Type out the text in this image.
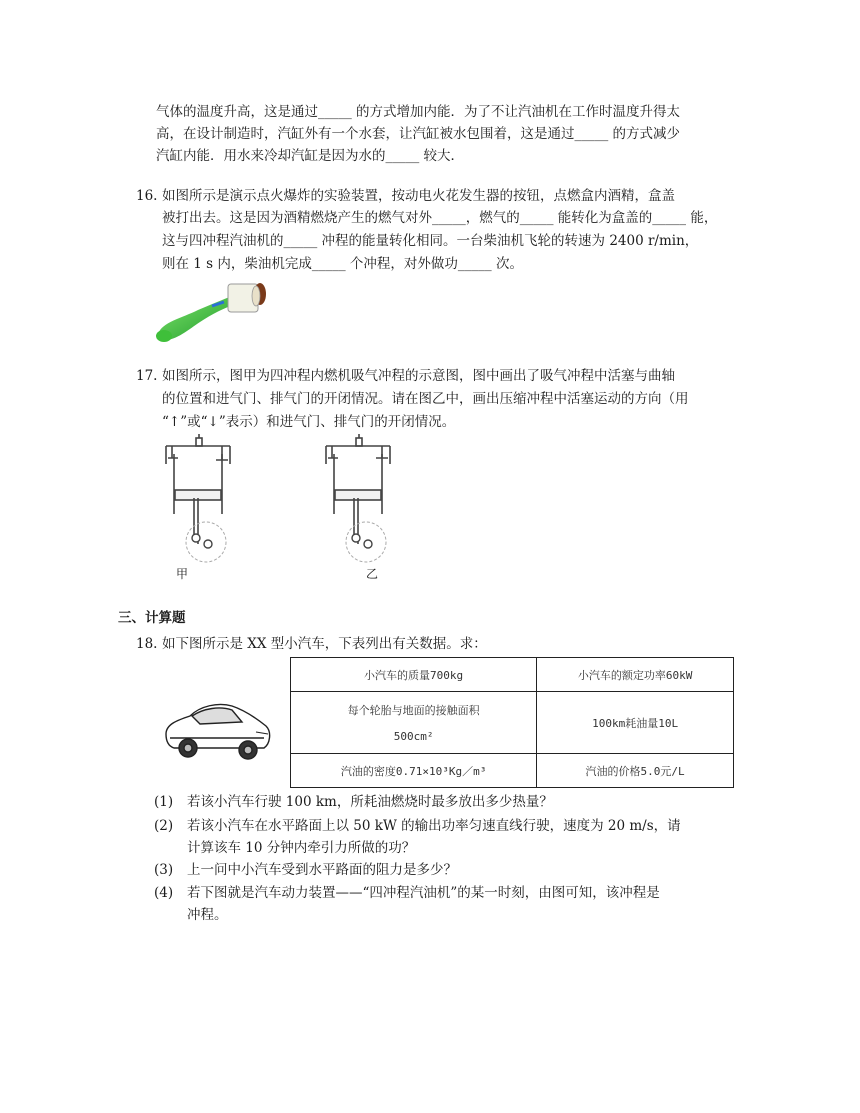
气体的温度升高，这是通过_____ 的方式增加内能．为了不让汽油机在工作时温度升得太
高，在设计制造时，汽缸外有一个水套，让汽缸被水包围着，这是通过_____ 的方式减少
汽缸内能．用水来冷却汽缸是因为水的_____ 较大．
16. 如图所示是演示点火爆炸的实验装置，按动电火花发生器的按钮，点燃盒内酒精，盒盖
被打出去。这是因为酒精燃烧产生的燃气对外_____，燃气的_____ 能转化为盒盖的_____ 能，
这与四冲程汽油机的_____ 冲程的能量转化相同。一台柴油机飞轮的转速为 2400 r/min，
则在 1 s 内，柴油机完成_____ 个冲程，对外做功_____ 次。
17. 如图所示，图甲为四冲程内燃机吸气冲程的示意图，图中画出了吸气冲程中活塞与曲轴
的位置和进气门、排气门的开闭情况。请在图乙中，画出压缩冲程中活塞运动的方向（用
“↑”或“↓”表示）和进气门、排气门的开闭情况。
甲	乙
三、计算题
18. 如下图所示是 XX 型小汽车，下表列出有关数据。求：
小汽车的质量700kg	小汽车的额定功率60kW

每个轮胎与地面的接触面积
500cm²	100km耗油量10L
汽油的密度0.71×10³Kg／m³	汽油的价格5.0元/L
(1) 若该小汽车行驶 100 km，所耗油燃烧时最多放出多少热量？
(2) 若该小汽车在水平路面上以 50 kW 的输出功率匀速直线行驶，速度为 20 m/s，请
计算该车 10 分钟内牵引力所做的功？
(3) 上一问中小汽车受到水平路面的阻力是多少？
(4) 若下图就是汽车动力装置——“四冲程汽油机”的某一时刻，由图可知，该冲程是
冲程。
